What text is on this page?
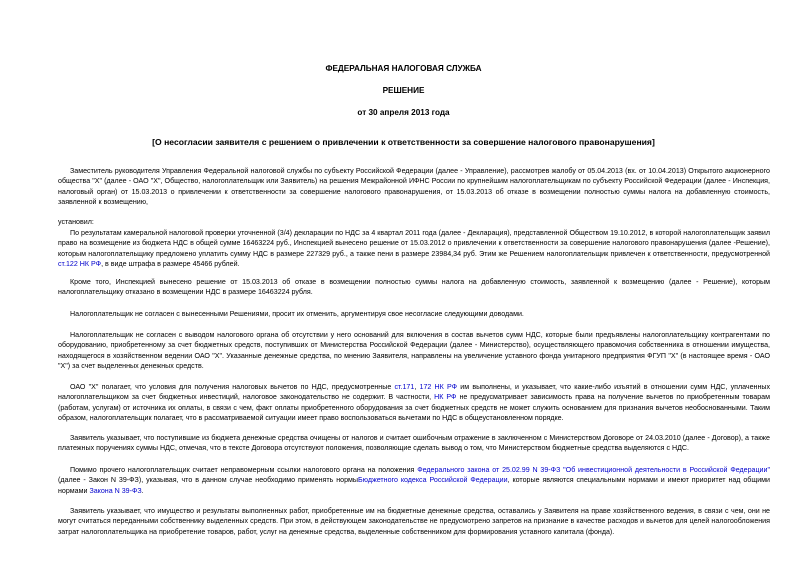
ФЕДЕРАЛЬНАЯ НАЛОГОВАЯ СЛУЖБА
РЕШЕНИЕ
от 30 апреля 2013 года
[О несогласии заявителя с решением о привлечении к ответственности за совершение налогового правонарушения]

Заместитель руководителя Управления Федеральной налоговой службы по субъекту Российской Федерации (далее - Управление), рассмотрев жалобу от 05.04.2013 (вх. от 10.04.2013) Открытого акционерного общества "X" (далее - ОАО "X", Общество, налогоплательщик или Заявитель) на решения Межрайонной ИФНС России по крупнейшим налогоплательщикам по субъекту Российской Федерации (далее - Инспекция, налоговый орган) от 15.03.2013 о привлечении к ответственности за совершение налогового правонарушения, от 15.03.2013 об отказе в возмещении полностью суммы налога на добавленную стоимость, заявленной к возмещению,

установил:

По результатам камеральной налоговой проверки уточненной (3/4) декларации по НДС за 4 квартал 2011 года (далее - Декларация), представленной Обществом 19.10.2012, в которой налогоплательщик заявил право на возмещение из бюджета НДС в общей сумме 16463224 руб., Инспекцией вынесено решение от 15.03.2012 о привлечении к ответственности за совершение налогового правонарушения (далее -Решение), которым налогоплательщику предложено уплатить сумму НДС в размере 227329 руб., а также пени в размере 23984,34 руб. Этим же Решением налогоплательщик привлечен к ответственности, предусмотренной ст.122 НК РФ, в виде штрафа в размере 45466 рублей.

Кроме того, Инспекцией вынесено решение от 15.03.2013 об отказе в возмещении полностью суммы налога на добавленную стоимость, заявленной к возмещению (далее - Решение), которым налогоплательщику отказано в возмещении НДС в размере 16463224 рубля.

Налогоплательщик не согласен с вынесенными Решениями, просит их отменить, аргументируя свое несогласие следующими доводами.

Налогоплательщик не согласен с выводом налогового органа об отсутствии у него оснований для включения в состав вычетов сумм НДС, которые были предъявлены налогоплательщику контрагентами по оборудованию, приобретенному за счет бюджетных средств, поступивших от Министерства Российской Федерации (далее - Министерство), осуществляющего правомочия собственника в отношении имущества, находящегося в хозяйственном ведении ОАО "X". Указанные денежные средства, по мнению Заявителя, направлены на увеличение уставного фонда унитарного предприятия ФГУП "X" (в настоящее время - ОАО "X") за счет выделенных денежных средств.

ОАО "X" полагает, что условия для получения налоговых вычетов по НДС, предусмотренные ст.171, 172 НК РФ им выполнены, и указывает, что какие-либо изъятий в отношении сумм НДС, уплаченных налогоплательщиком за счет бюджетных инвестиций, налоговое законодательство не содержит. В частности, НК РФ не предусматривает зависимость права на получение вычетов по приобретенным товарам (работам, услугам) от источника их оплаты, в связи с чем, факт оплаты приобретенного оборудования за счет бюджетных средств не может служить основанием для признания вычетов необоснованными. Таким образом, налогоплательщик полагает, что в рассматриваемой ситуации имеет право воспользоваться вычетами по НДС в общеустановленном порядке.

Заявитель указывает, что поступившие из бюджета денежные средства очищены от налогов и считает ошибочным отражение в заключенном с Министерством Договоре от 24.03.2010 (далее - Договор), а также платежных поручениях суммы НДС, отмечая, что в тексте Договора отсутствуют положения, позволяющие сделать вывод о том, что Министерством бюджетные средства выделяются с НДС.

Помимо прочего налогоплательщик считает неправомерным ссылки налогового органа на положения Федерального закона от 25.02.99 N 39-ФЗ "Об инвестиционной деятельности в Российской Федерации" (далее - Закон N 39-ФЗ), указывая, что в данном случае необходимо применять нормыБюджетного кодекса Российской Федерации, которые являются специальными нормами и имеют приоритет над общими нормами Закона N 39-ФЗ.

Заявитель указывает, что имущество и результаты выполненных работ, приобретенные им на бюджетные денежные средства, оставались у Заявителя на праве хозяйственного ведения, в связи с чем, они не могут считаться переданными собственнику выделенных средств. При этом, в действующем законодательстве не предусмотрено запретов на признание в качестве расходов и вычетов для целей налогообложения затрат налогоплательщика на приобретение товаров, работ, услуг на денежные средства, выделенные собственником для формирования уставного капитала (фонда).
